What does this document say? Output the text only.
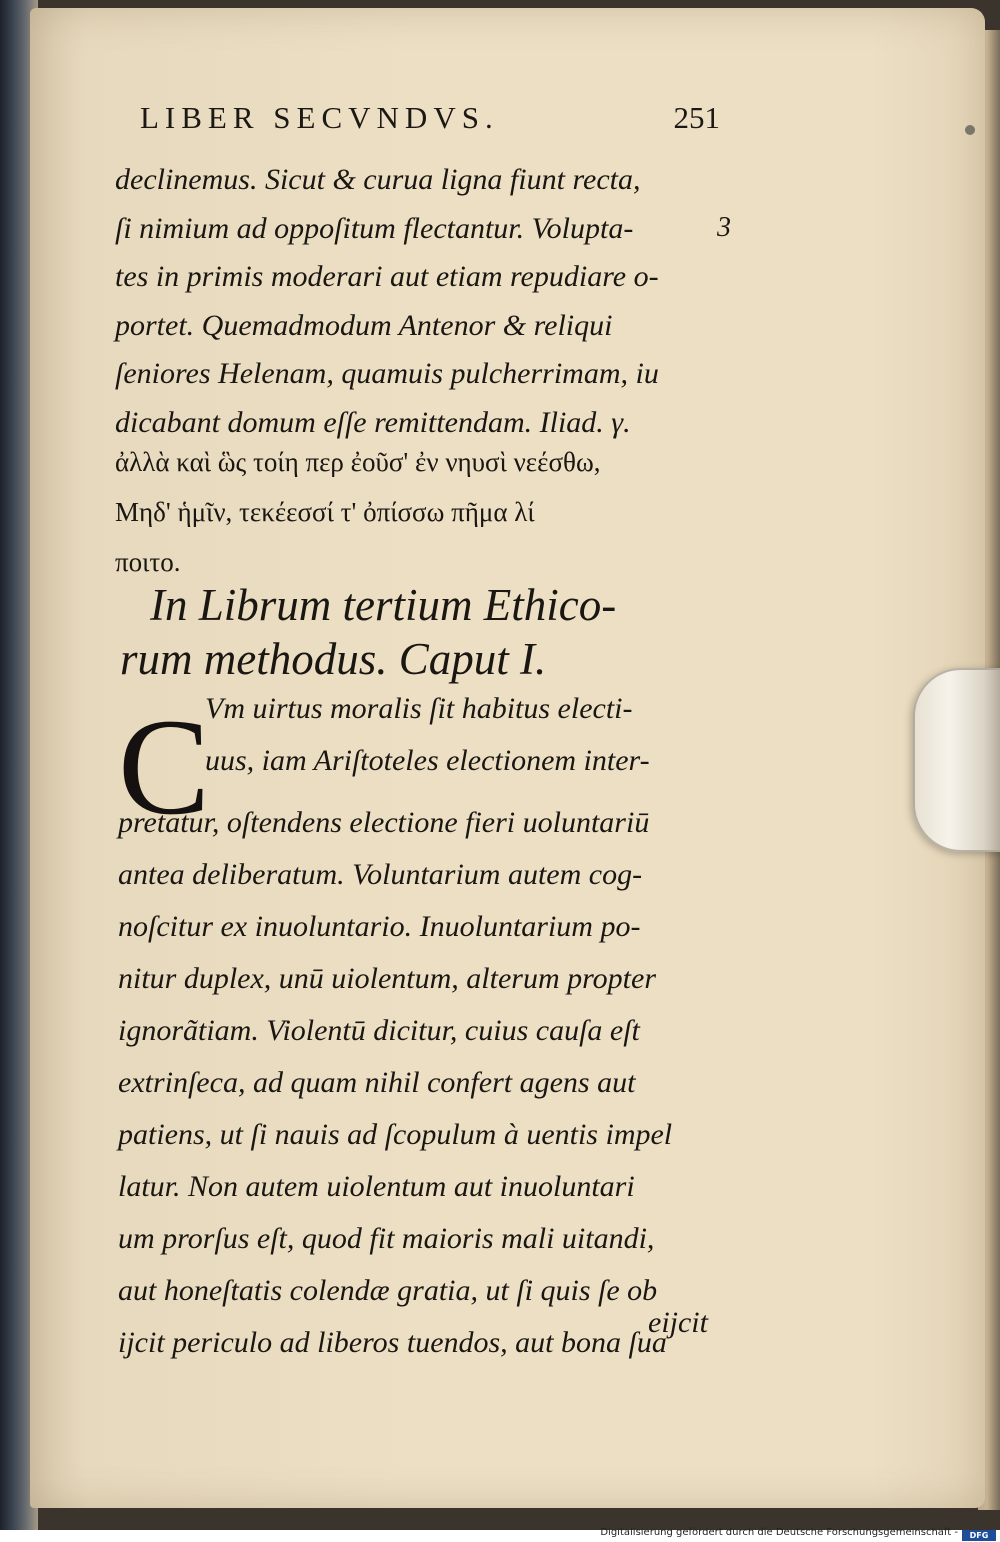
LIBER SECVNDVS.	251
declinemus. Sicut & curua ligna fiunt recta,
ſi nimium ad oppoſitum flectantur. Volupta-
tes in primis moderari aut etiam repudiare o-
portet. Quemadmodum Antenor & reliqui
ſeniores Helenam, quamuis pulcherrimam, iu
dicabant domum eſſe remittendam. Iliad. γ.
3
ἀλλὰ καὶ ὣς τοίη περ ἐοῦσ' ἐν νηυσὶ νεέσθω,
Μηδ' ἡμῖν, τεκέεσσί τ' ὀπίσσω πῆμα λί
ποιτο.
In Librum tertium Ethico-
rum methodus. Caput I.
C
Vm uirtus moralis ſit habitus electi-
uus, iam Ariſtoteles electionem inter-
pretatur, oſtendens electione fieri uoluntariū
antea deliberatum. Voluntarium autem cog-
noſcitur ex inuoluntario. Inuoluntarium po-
nitur duplex, unū uiolentum, alterum propter
ignorãtiam. Violentū dicitur, cuius cauſa eſt
extrinſeca, ad quam nihil confert agens aut
patiens, ut ſi nauis ad ſcopulum à uentis impel
latur. Non autem uiolentum aut inuoluntari
um prorſus eſt, quod fit maioris mali uitandi,
aut honeſtatis colendæ gratia, ut ſi quis ſe ob
ijcit periculo ad liberos tuendos, aut bona ſua
eijcit
Digitalisierung gefördert durch die Deutsche Forschungsgemeinschaft -	DFG
